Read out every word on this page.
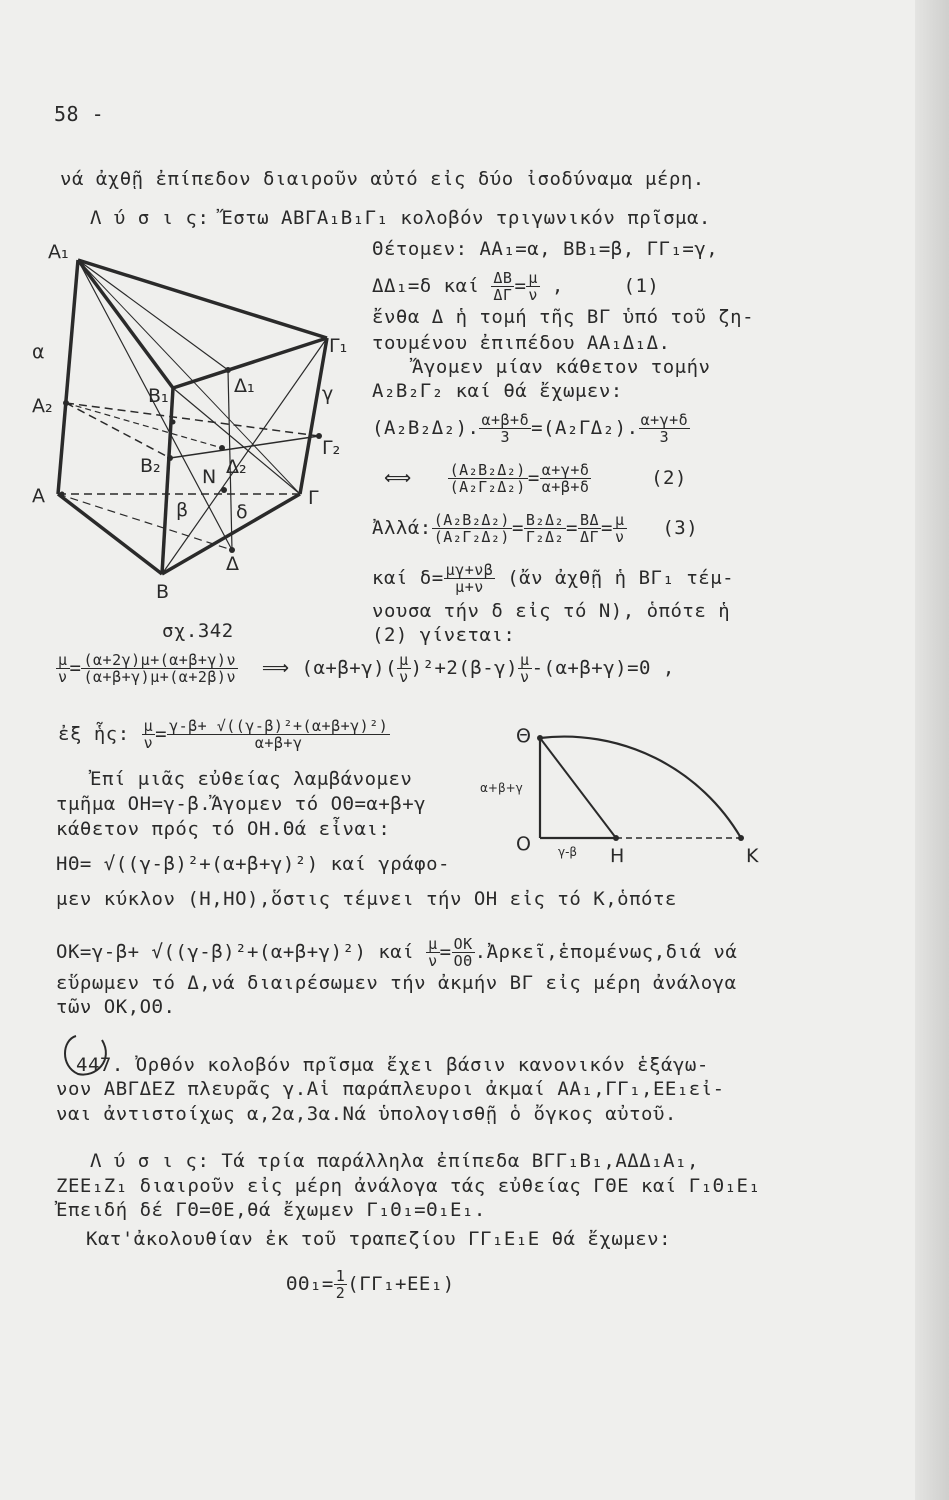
58 -
νά ἀχθῇ ἐπίπεδον διαιροῦν αὐτό εἰς δύο ἰσοδύναμα μέρη.
Λ ύ σ ι ς: Ἔστω ΑΒΓΑ₁Β₁Γ₁ κολοβόν τριγωνικόν πρῖσμα.
Θέτομεν: ΑΑ₁=α, ΒΒ₁=β, ΓΓ₁=γ,
ΔΔ₁=δ καί $\frac{\Delta B}{\Delta\Gamma} = \frac{\mu}{\nu}$ ,     (1)
ἔνθα Δ ἡ τομή τῆς ΒΓ ὑπό τοῦ ζη-
τουμένου ἐπιπέδου ΑΑ₁Δ₁Δ.
Ἄγομεν μίαν κάθετον τομήν
Α₂Β₂Γ₂ καί θά ἔχωμεν:
(Α₂Β₂Δ₂). $\frac{\alpha+\beta+\delta}{3} =(A_2\Gamma\Delta_2)$. $\frac{\alpha+\gamma+\delta}{3}$
⟺ $\frac{\text{(Α₂Β₂Δ₂)}}{\text{(Α₂Γ₂Δ₂)}} = \frac{\alpha+\gamma+\delta}{\alpha+\beta+\delta} (2)$
Ἀλλά: $\frac{\text{(Α₂Β₂Δ₂)}}{\text{(Α₂Γ₂Δ₂)}} = \frac{\text{Β₂Δ₂}}{\text{Γ₂Δ₂}} = \frac{B\Delta}{\Delta\Gamma} = \frac{\mu}{\nu} (3)$
καί $\delta= \frac{\mu\gamma+\nu\beta}{\mu+\nu}$ (ἄν ἀχθῇ ἡ ΒΓ₁ τέμ-
νουσα τήν δ εἰς τό Ν), ὁπότε ἡ
(2) γίνεται:
$\frac{\mu}{\nu} = \frac{(\alpha+2\gamma)\mu+(\alpha+\beta+\gamma)\nu}{(\alpha+\beta+\gamma)\mu+(\alpha+2\beta)\nu}$ ⟹ $(\alpha+\beta+\gamma)( \frac{\mu}{\nu} )^2+2(\beta-\gamma) \frac{\mu}{\nu} -(\alpha+\beta+\gamma)=0$ ,
ἐξ ἧς: $\frac{\mu}{\nu} = \frac{\text{γ-β+ √((γ-β)²+(α+β+γ)²)}}{\alpha+\beta+\gamma}$
Ἐπί μιᾶς εὐθείας λαμβάνομεν
τμῆμα ΟΗ=γ-β.Ἄγομεν τό ΟΘ=α+β+γ
κάθετον πρός τό ΟΗ.Θά εἶναι:
ΗΘ= √((γ-β)²+(α+β+γ)²) καί γράφο-
μεν κύκλον (Η,ΗΟ),ὅστις τέμνει τήν ΟΗ εἰς τό Κ,ὁπότε
ΟΚ=γ-β+ √((γ-β)²+(α+β+γ)²) καί $\frac{\mu}{\nu} = \frac{OK}{O\Theta}$ .Ἀρκεῖ,ἑπομένως,διά νά
εὕρωμεν τό Δ,νά διαιρέσωμεν τήν ἀκμήν ΒΓ εἰς μέρη ἀνάλογα
τῶν ΟΚ,ΟΘ.
447. Ὀρθόν κολοβόν πρῖσμα ἔχει βάσιν κανονικόν ἑξάγω-
νον ΑΒΓΔΕΖ πλευρᾶς γ.Αἱ παράπλευροι ἀκμαί ΑΑ₁,ΓΓ₁,ΕΕ₁εἰ-
ναι ἀντιστοίχως α,2α,3α.Νά ὑπολογισθῇ ὁ ὄγκος αὐτοῦ.
Λ ύ σ ι ς: Τά τρία παράλληλα ἐπίπεδα ΒΓΓ₁Β₁,ΑΔΔ₁Α₁,
ΖΕΕ₁Ζ₁ διαιροῦν εἰς μέρη ἀνάλογα τάς εὐθείας ΓΘΕ καί Γ₁Θ₁Ε₁
Ἐπειδή δέ ΓΘ=ΘΕ,θά ἔχωμεν Γ₁Θ₁=Θ₁Ε₁.
Κατ'ἀκολουθίαν ἐκ τοῦ τραπεζίου ΓΓ₁Ε₁Ε θά ἔχωμεν:
$\Theta\Theta_1= \frac{1}{2} (\Gamma\Gamma_1+EE_1)$
Α₁
α
Α₂
Α
Β₁
Β₂ Ν
β	δ
Β
Δ₁
Δ₂
Δ
Γ₁
γ
Γ₂
Γ
σχ.342
Θ
α+β+γ
Ο γ-β Η	Κ
